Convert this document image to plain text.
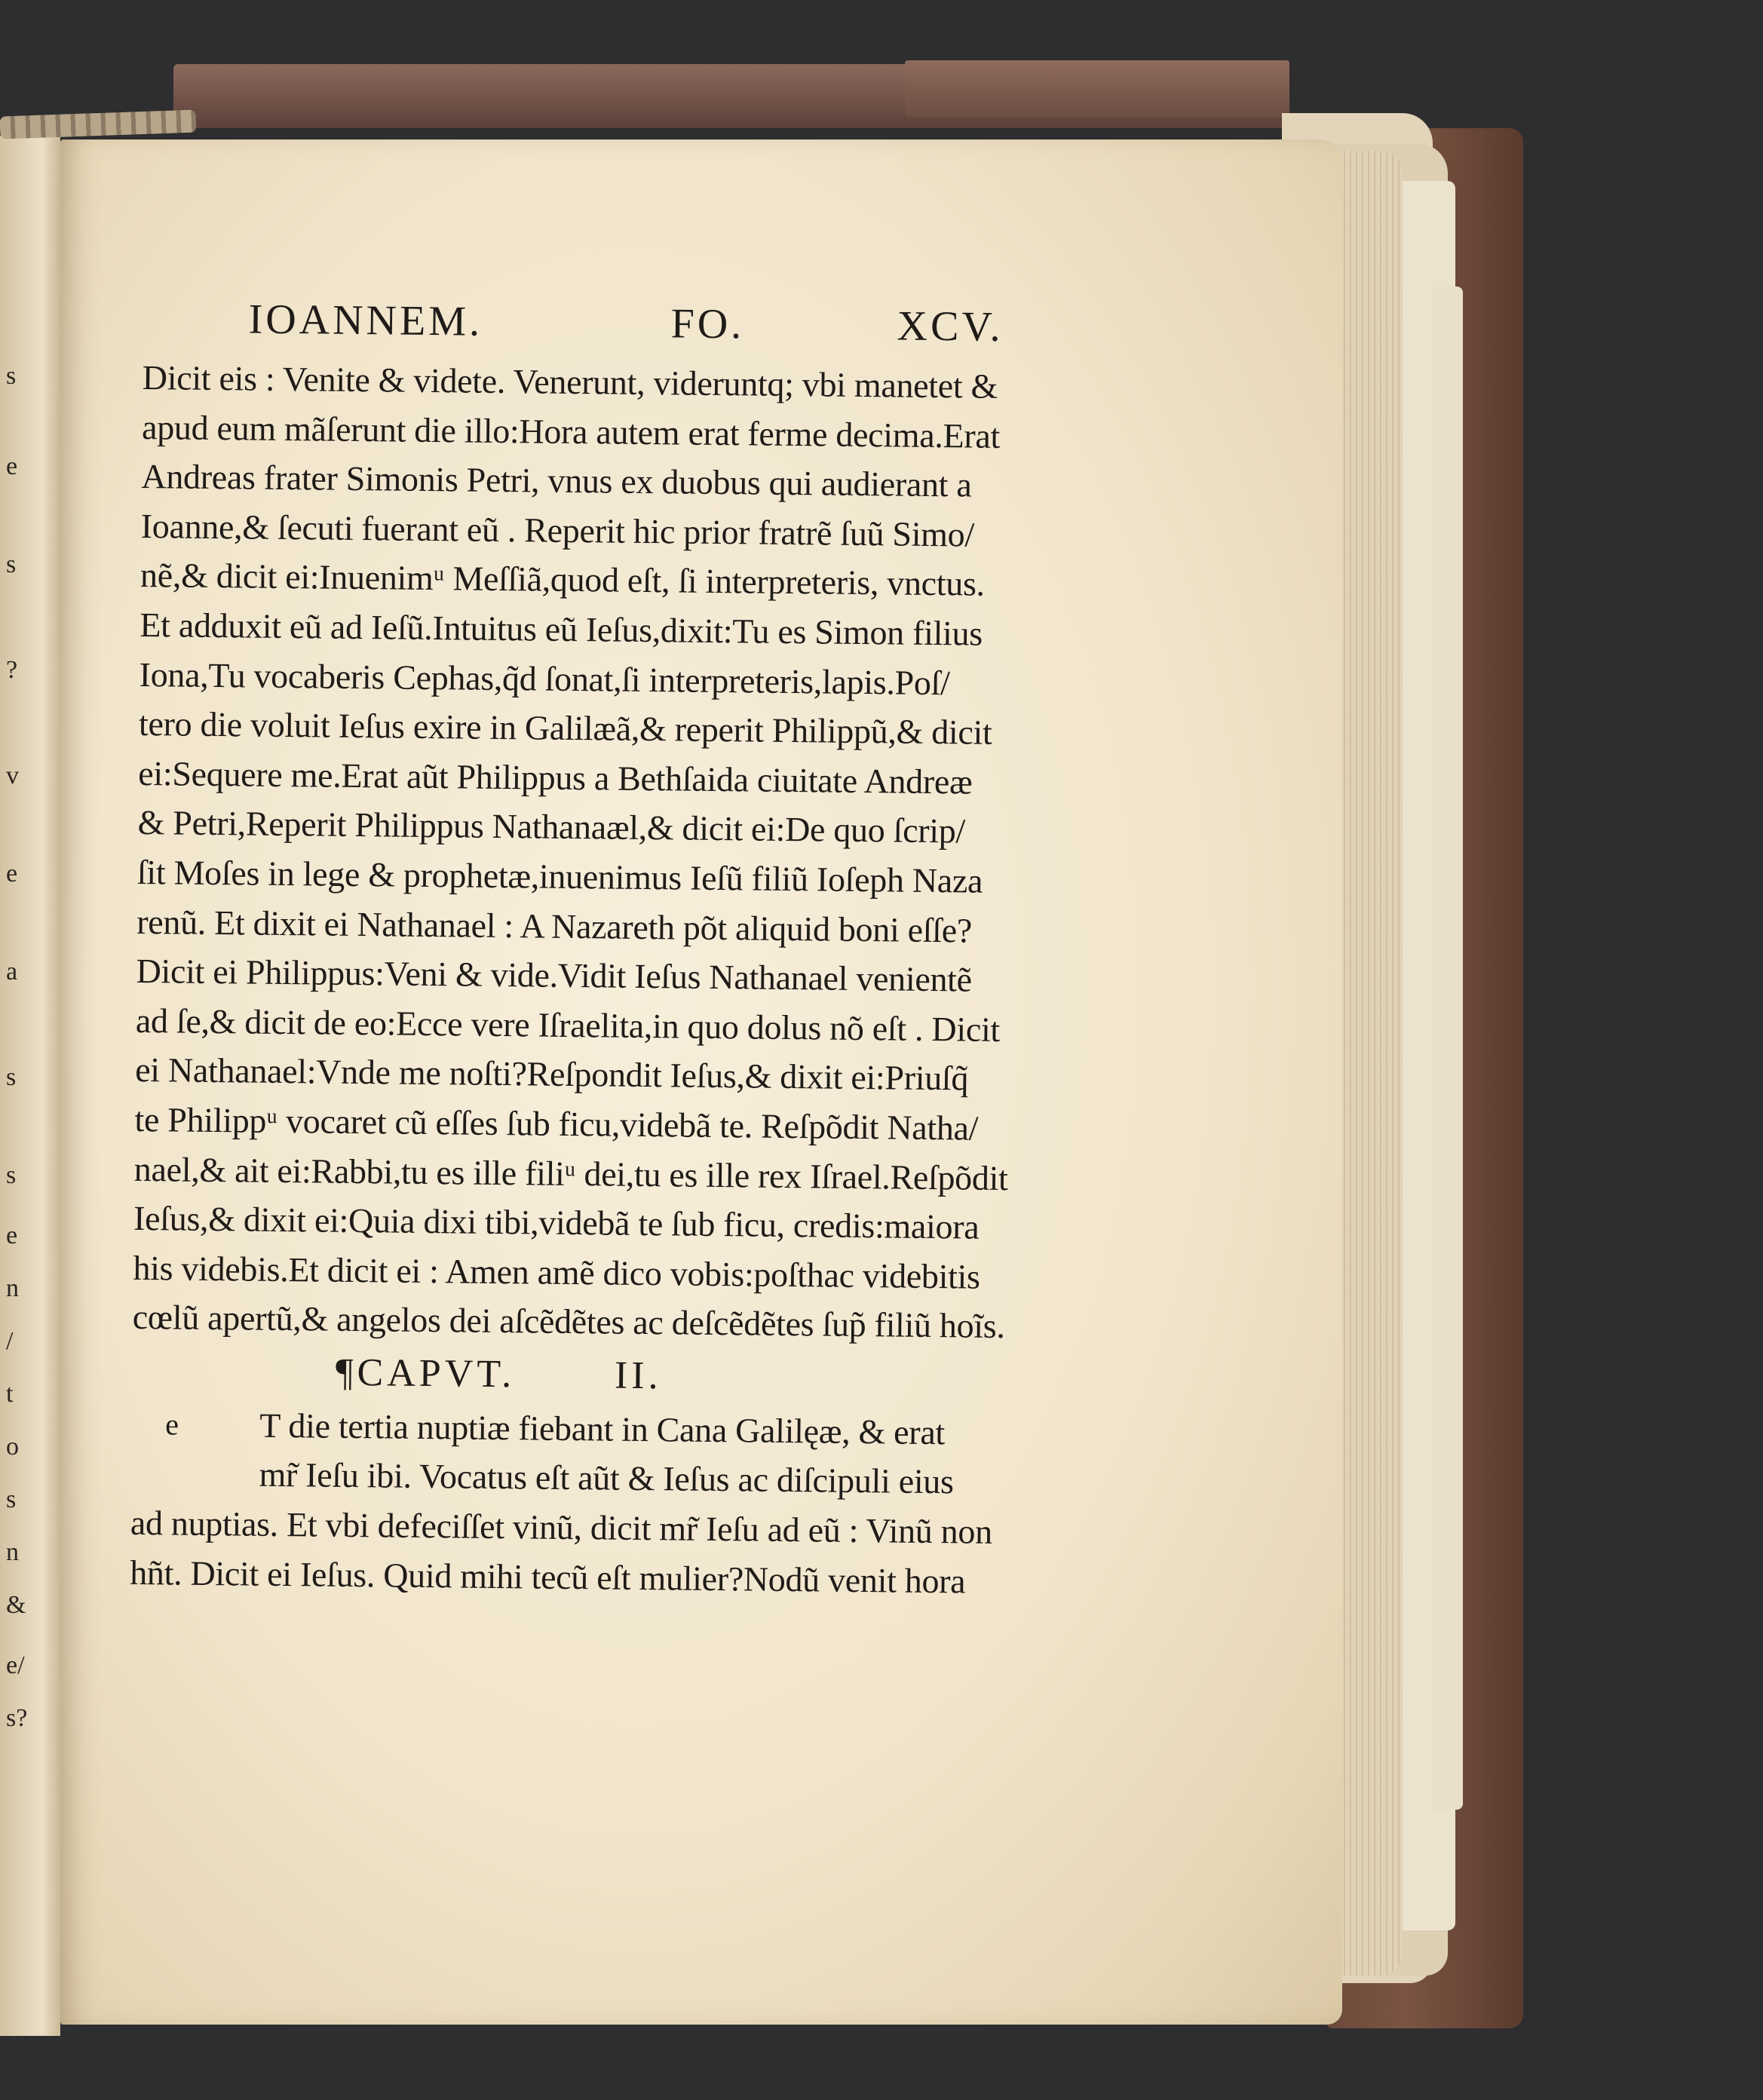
s
e
s
?
v
e
a
s
s
e
n
/
t
o
s
n
&
e/
s?
IOANNEM.	FO.	XCV.
Dicit eis : Venite & videte. Venerunt, videruntq; vbi manetet &
apud eum mãſerunt die illo:Hora autem erat ferme decima.Erat
Andreas frater Simonis Petri, vnus ex duobus qui audierant a
Ioanne,& ſecuti fuerant eũ . Reperit hic prior fratrẽ ſuũ Simo/
nẽ,& dicit ei:Inuenimᵘ Meſſiã,quod eſt, ſi interpreteris, vnctus.
Et adduxit eũ ad Ieſũ.Intuitus eũ Ieſus,dixit:Tu es Simon filius
Iona,Tu vocaberis Cephas,q̃d ſonat,ſi interpreteris,lapis.Poſ/
tero die voluit Ieſus exire in Galilæã,& reperit Philippũ,& dicit
ei:Sequere me.Erat aũt Philippus a Bethſaida ciuitate Andreæ
& Petri,Reperit Philippus Nathanaæl,& dicit ei:De quo ſcrip/
ſit Moſes in lege & prophetæ,inuenimus Ieſũ filiũ Ioſeph Naza
renũ. Et dixit ei Nathanael : A Nazareth põt aliquid boni eſſe?
Dicit ei Philippus:Veni & vide.Vidit Ieſus Nathanael venientẽ
ad ſe,& dicit de eo:Ecce vere Iſraelita,in quo dolus nõ eſt . Dicit
ei Nathanael:Vnde me noſti?Reſpondit Ieſus,& dixit ei:Priuſq̃
te Philippᵘ vocaret cũ eſſes ſub ficu,videbã te. Reſpõdit Natha/
nael,& ait ei:Rabbi,tu es ille filiᵘ dei,tu es ille rex Iſrael.Reſpõdit
Ieſus,& dixit ei:Quia dixi tibi,videbã te ſub ficu, credis:maiora
his videbis.Et dicit ei : Amen amẽ dico vobis:poſthac videbitis
cœlũ apertũ,& angelos dei aſcẽdẽtes ac deſcẽdẽtes ſup̃ filiũ hoĩs.
¶CAPVT.	II.
e	T die tertia nuptiæ fiebant in Cana Galilęæ, & erat
mr̃ Ieſu ibi. Vocatus eſt aũt & Ieſus ac diſcipuli eius
ad nuptias. Et vbi defeciſſet vinũ, dicit mr̃ Ieſu ad eũ : Vinũ non
hñt. Dicit ei Ieſus. Quid mihi tecũ eſt mulier?Nodũ venit hora
